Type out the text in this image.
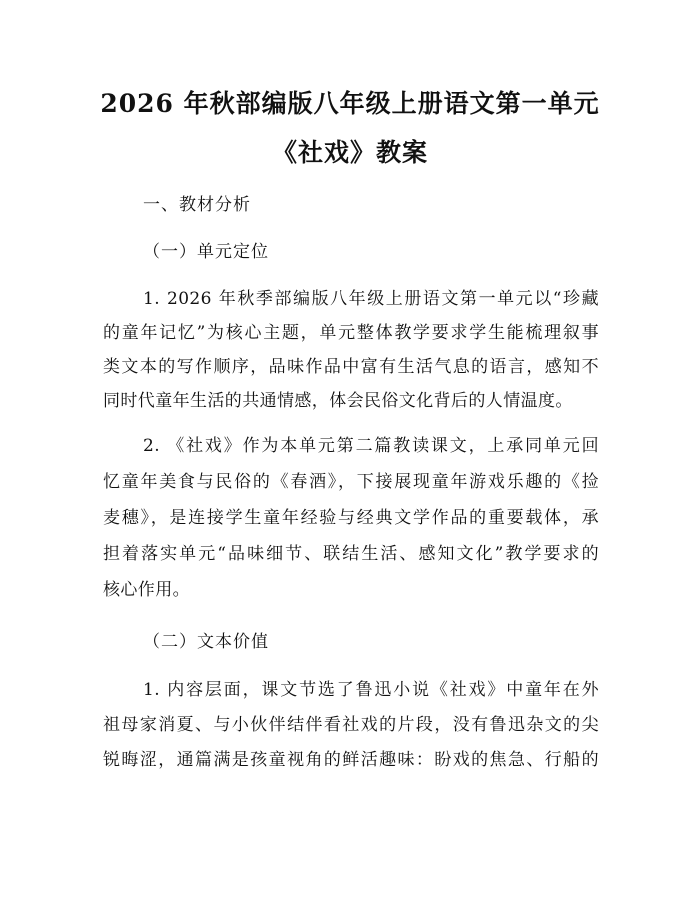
2026 年秋部编版八年级上册语文第一单元
《社戏》教案
一、教材分析
（一）单元定位
1. 2026 年秋季部编版八年级上册语文第一单元以“珍藏
的童年记忆”为核心主题，单元整体教学要求学生能梳理叙事
类文本的写作顺序，品味作品中富有生活气息的语言，感知不
同时代童年生活的共通情感，体会民俗文化背后的人情温度。
2. 《社戏》作为本单元第二篇教读课文，上承同单元回
忆童年美食与民俗的《春酒》，下接展现童年游戏乐趣的《捡
麦穗》，是连接学生童年经验与经典文学作品的重要载体，承
担着落实单元“品味细节、联结生活、感知文化”教学要求的
核心作用。
（二）文本价值
1. 内容层面，课文节选了鲁迅小说《社戏》中童年在外
祖母家消夏、与小伙伴结伴看社戏的片段，没有鲁迅杂文的尖
锐晦涩，通篇满是孩童视角的鲜活趣味：盼戏的焦急、行船的
